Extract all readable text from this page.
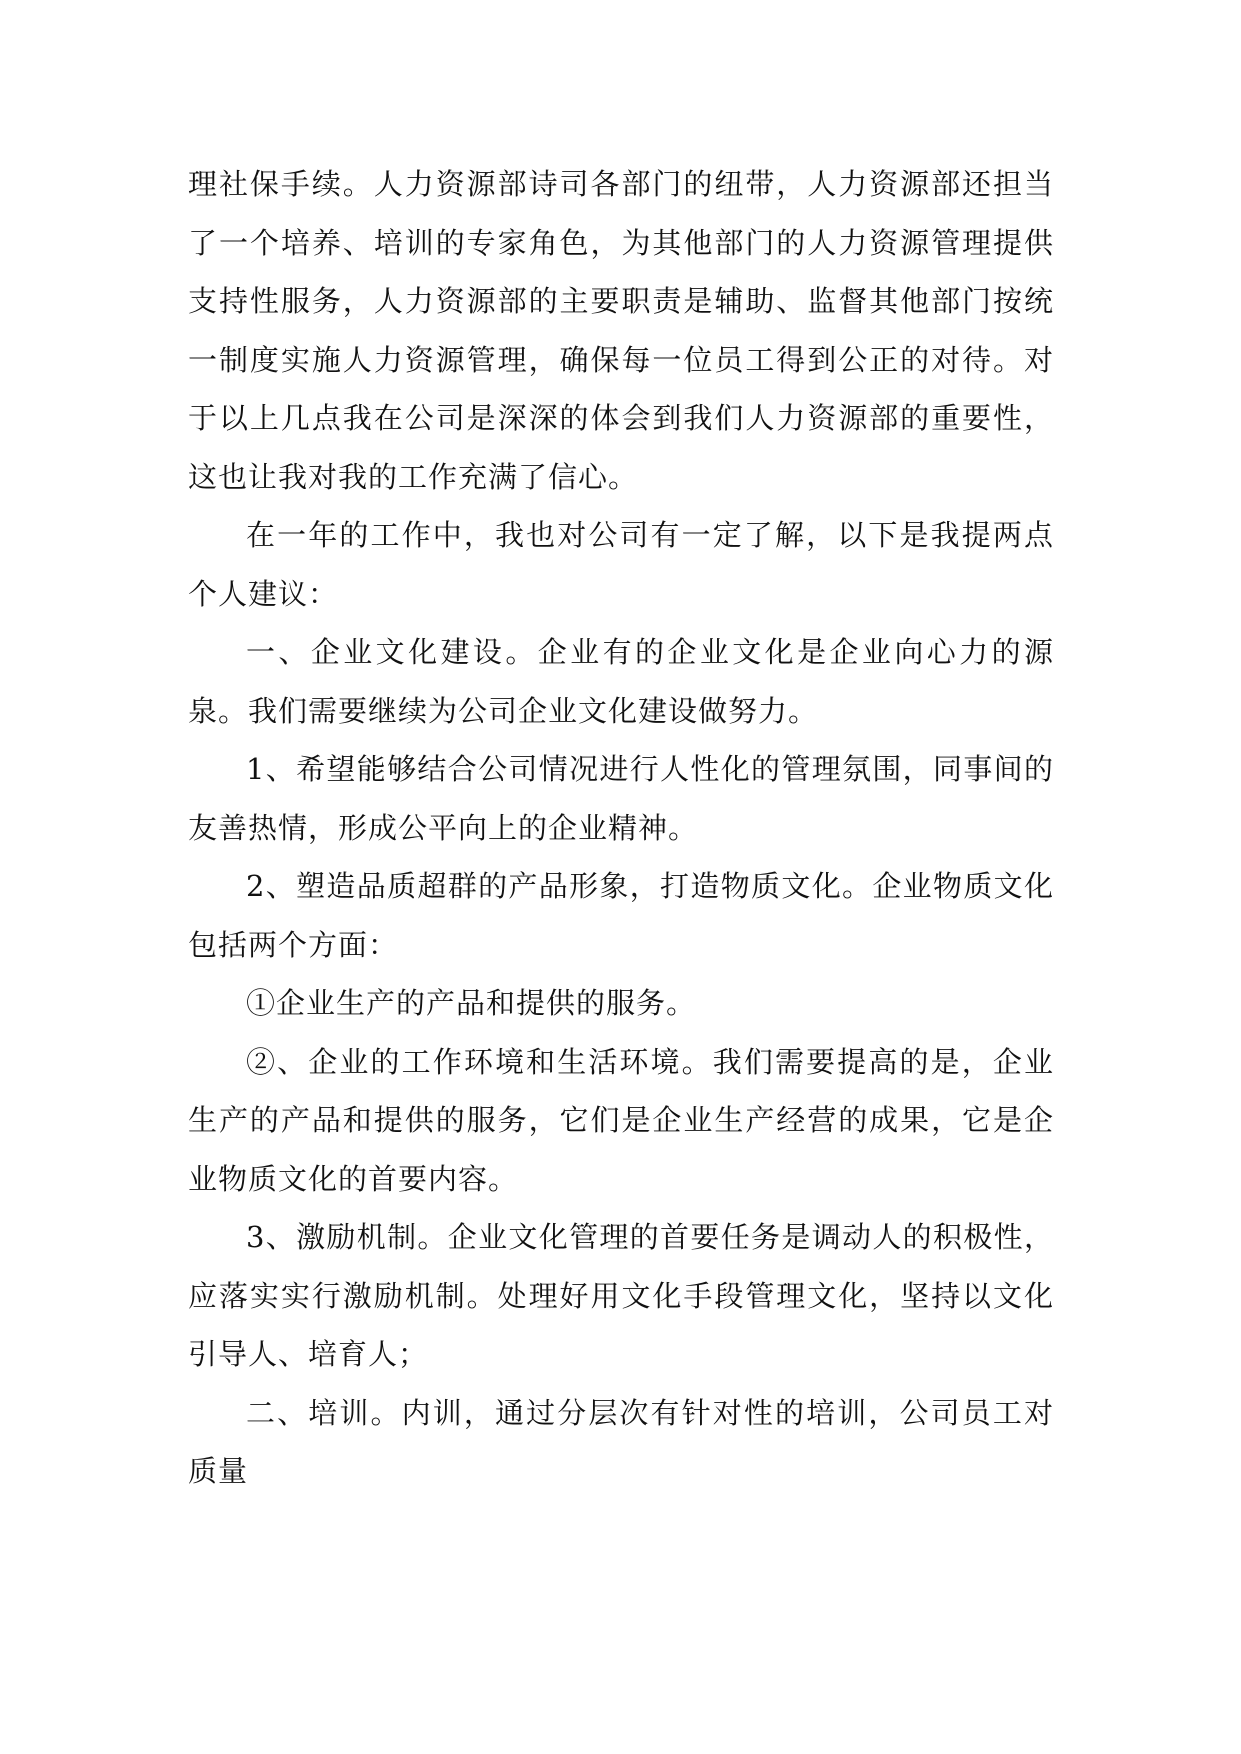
理社保手续。人力资源部诗司各部门的纽带，人力资源部还担当了一个培养、培训的专家角色，为其他部门的人力资源管理提供支持性服务，人力资源部的主要职责是辅助、监督其他部门按统一制度实施人力资源管理，确保每一位员工得到公正的对待。对于以上几点我在公司是深深的体会到我们人力资源部的重要性，这也让我对我的工作充满了信心。

在一年的工作中，我也对公司有一定了解，以下是我提两点个人建议：

一、企业文化建设。企业有的企业文化是企业向心力的源泉。我们需要继续为公司企业文化建设做努力。

1、希望能够结合公司情况进行人性化的管理氛围，同事间的友善热情，形成公平向上的企业精神。

2、塑造品质超群的产品形象，打造物质文化。企业物质文化包括两个方面：

①企业生产的产品和提供的服务。

②、企业的工作环境和生活环境。我们需要提高的是，企业生产的产品和提供的服务，它们是企业生产经营的成果，它是企业物质文化的首要内容。

3、激励机制。企业文化管理的首要任务是调动人的积极性，应落实实行激励机制。处理好用文化手段管理文化，坚持以文化引导人、培育人；

二、培训。内训，通过分层次有针对性的培训，公司员工对质量
